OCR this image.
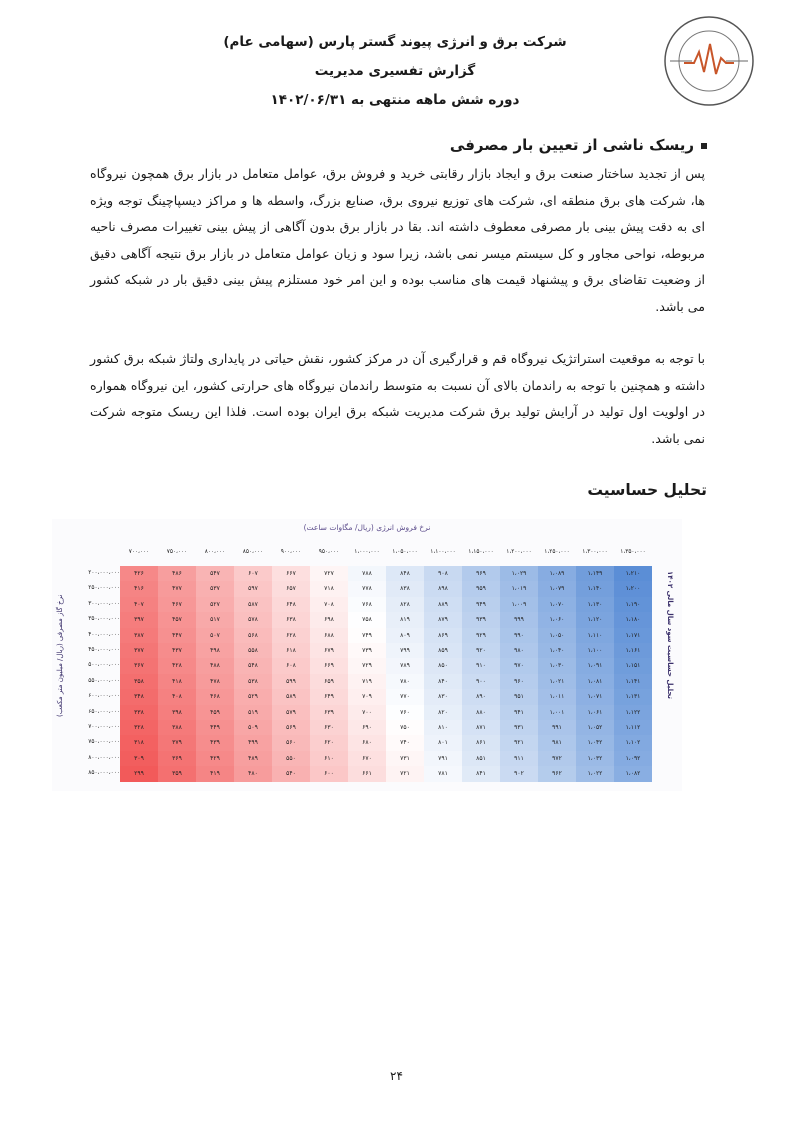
شرکت برق و انرژی پیوند گستر پارس (سهامی عام)
گزارش تفسیری مدیریت
دوره شش ماهه منتهی به ۱۴۰۲/۰۶/۳۱
ریسک ناشی از تعیین بار مصرفی
پس از تجدید ساختار صنعت برق و ایجاد بازار رقابتی خرید و فروش برق، عوامل متعامل در بازار برق همچون نیروگاه ها، شرکت های برق منطقه ای، شرکت های توزیع نیروی برق، صنایع بزرگ، واسطه ها و مراکز دیسپاچینگ توجه ویژه ای به دقت پیش بینی بار مصرفی معطوف داشته اند. بقا در بازار برق بدون آگاهی از پیش بینی تغییرات مصرف ناحیه مربوطه، نواحی مجاور و کل سیستم میسر نمی باشد، زیرا سود و زیان عوامل متعامل در بازار برق نتیجه آگاهی دقیق از وضعیت تقاضای برق و پیشنهاد قیمت های مناسب بوده و این امر خود مستلزم پیش بینی دقیق بار در شبکه کشور می باشد.
با توجه به موقعیت استراتژیک نیروگاه قم و قرارگیری آن در مرکز کشور، نقش حیاتی در پایداری ولتاژ شبکه برق کشور داشته و همچنین با توجه به راندمان بالای آن نسبت به متوسط راندمان نیروگاه های حرارتی کشور، این نیروگاه همواره در اولویت اول تولید در آرایش تولید برق شرکت مدیریت شبکه برق ایران بوده است. فلذا این ریسک متوجه شرکت نمی باشد.
تحلیل حساسیت
نرخ فروش انرژی (ریال/ مگاوات ساعت)
نرخ گاز مصرفی (ریال/ میلیون متر مکعب)
تحلیل حساسیت سود سال مالی ۱۴۰۲
۷۰۰،۰۰۰	۷۵۰،۰۰۰	۸۰۰،۰۰۰	۸۵۰،۰۰۰	۹۰۰،۰۰۰	۹۵۰،۰۰۰	۱،۰۰۰،۰۰۰	۱،۰۵۰،۰۰۰	۱،۱۰۰،۰۰۰	۱،۱۵۰،۰۰۰	۱،۲۰۰،۰۰۰	۱،۲۵۰،۰۰۰	۱،۳۰۰،۰۰۰	۱،۳۵۰،۰۰۰
۲۰۰،۰۰۰،۰۰۰	۴۲۶	۴۸۶	۵۴۷	۶۰۷	۶۶۷	۷۲۷	۷۸۸	۸۴۸	۹۰۸	۹۶۹	۱،۰۲۹	۱،۰۸۹	۱،۱۴۹	۱،۲۱۰
۲۵۰،۰۰۰،۰۰۰	۴۱۶	۴۷۷	۵۳۷	۵۹۷	۶۵۷	۷۱۸	۷۷۸	۸۳۸	۸۹۸	۹۵۹	۱،۰۱۹	۱،۰۷۹	۱،۱۴۰	۱،۲۰۰
۳۰۰،۰۰۰،۰۰۰	۴۰۷	۴۶۷	۵۲۷	۵۸۷	۶۴۸	۷۰۸	۷۶۸	۸۲۸	۸۸۹	۹۴۹	۱،۰۰۹	۱،۰۷۰	۱،۱۳۰	۱،۱۹۰
۳۵۰،۰۰۰،۰۰۰	۳۹۷	۴۵۷	۵۱۷	۵۷۸	۶۳۸	۶۹۸	۷۵۸	۸۱۹	۸۷۹	۹۳۹	۹۹۹	۱،۰۶۰	۱،۱۲۰	۱،۱۸۰
۴۰۰،۰۰۰،۰۰۰	۳۸۷	۴۴۷	۵۰۷	۵۶۸	۶۲۸	۶۸۸	۷۴۹	۸۰۹	۸۶۹	۹۲۹	۹۹۰	۱،۰۵۰	۱،۱۱۰	۱،۱۷۱
۴۵۰،۰۰۰،۰۰۰	۳۷۷	۴۳۷	۴۹۸	۵۵۸	۶۱۸	۶۷۹	۷۳۹	۷۹۹	۸۵۹	۹۲۰	۹۸۰	۱،۰۴۰	۱،۱۰۰	۱،۱۶۱
۵۰۰،۰۰۰،۰۰۰	۳۶۷	۴۲۸	۴۸۸	۵۴۸	۶۰۸	۶۶۹	۷۲۹	۷۸۹	۸۵۰	۹۱۰	۹۷۰	۱،۰۳۰	۱،۰۹۱	۱،۱۵۱
۵۵۰،۰۰۰،۰۰۰	۳۵۸	۴۱۸	۴۷۸	۵۳۸	۵۹۹	۶۵۹	۷۱۹	۷۸۰	۸۴۰	۹۰۰	۹۶۰	۱،۰۲۱	۱،۰۸۱	۱،۱۴۱
۶۰۰،۰۰۰،۰۰۰	۳۴۸	۴۰۸	۴۶۸	۵۲۹	۵۸۹	۶۴۹	۷۰۹	۷۷۰	۸۳۰	۸۹۰	۹۵۱	۱،۰۱۱	۱،۰۷۱	۱،۱۳۱
۶۵۰،۰۰۰،۰۰۰	۳۳۸	۳۹۸	۴۵۹	۵۱۹	۵۷۹	۶۳۹	۷۰۰	۷۶۰	۸۲۰	۸۸۰	۹۴۱	۱،۰۰۱	۱،۰۶۱	۱،۱۲۲
۷۰۰،۰۰۰،۰۰۰	۳۲۸	۳۸۸	۴۴۹	۵۰۹	۵۶۹	۶۳۰	۶۹۰	۷۵۰	۸۱۰	۸۷۱	۹۳۱	۹۹۱	۱،۰۵۲	۱،۱۱۲
۷۵۰،۰۰۰،۰۰۰	۳۱۸	۳۷۹	۴۳۹	۴۹۹	۵۶۰	۶۲۰	۶۸۰	۷۴۰	۸۰۱	۸۶۱	۹۲۱	۹۸۱	۱،۰۴۲	۱،۱۰۲
۸۰۰،۰۰۰،۰۰۰	۳۰۹	۳۶۹	۴۲۹	۴۸۹	۵۵۰	۶۱۰	۶۷۰	۷۳۱	۷۹۱	۸۵۱	۹۱۱	۹۷۲	۱،۰۳۲	۱،۰۹۲
۸۵۰،۰۰۰،۰۰۰	۲۹۹	۳۵۹	۴۱۹	۴۸۰	۵۴۰	۶۰۰	۶۶۱	۷۲۱	۷۸۱	۸۴۱	۹۰۲	۹۶۲	۱،۰۲۲	۱،۰۸۲
۲۴
